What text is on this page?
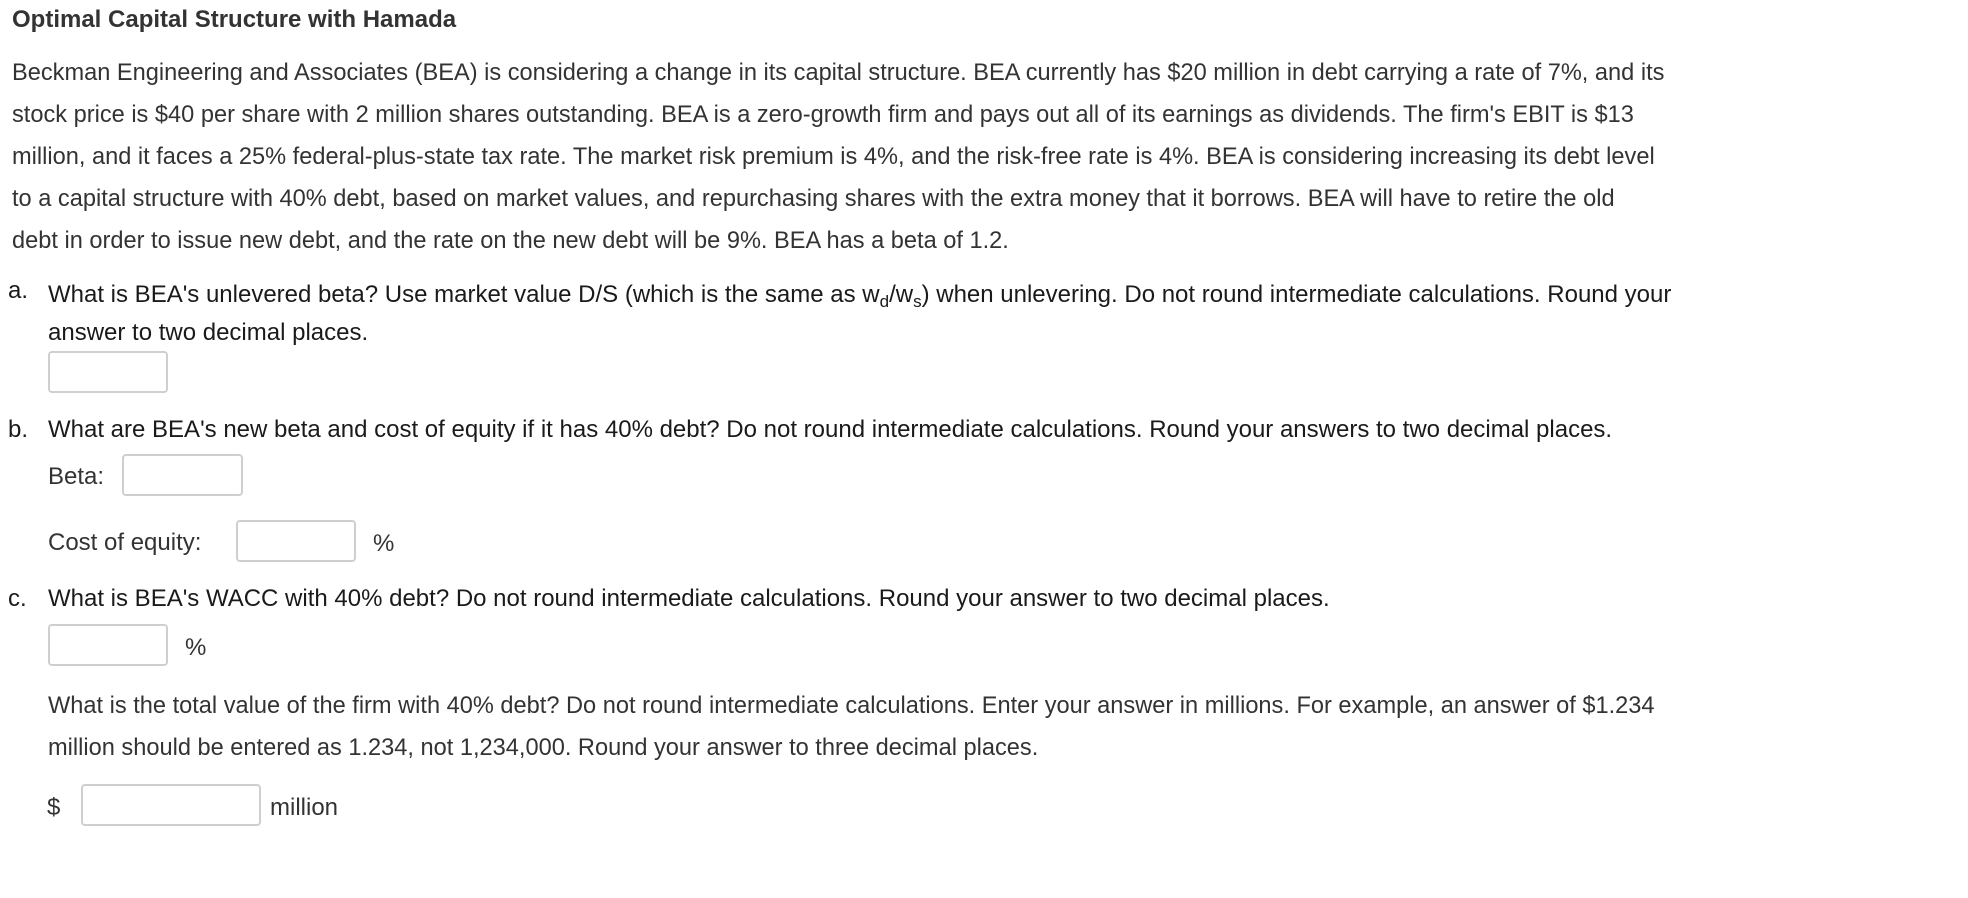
Optimal Capital Structure with Hamada
Beckman Engineering and Associates (BEA) is considering a change in its capital structure. BEA currently has $20 million in debt carrying a rate of 7%, and its
stock price is $40 per share with 2 million shares outstanding. BEA is a zero-growth firm and pays out all of its earnings as dividends. The firm's EBIT is $13
million, and it faces a 25% federal-plus-state tax rate. The market risk premium is 4%, and the risk-free rate is 4%. BEA is considering increasing its debt level
to a capital structure with 40% debt, based on market values, and repurchasing shares with the extra money that it borrows. BEA will have to retire the old
debt in order to issue new debt, and the rate on the new debt will be 9%. BEA has a beta of 1.2.
a. What is BEA's unlevered beta? Use market value D/S (which is the same as $w_d/w_s$) when unlevering. Do not round intermediate calculations. Round your
answer to two decimal places.
b. What are BEA's new beta and cost of equity if it has 40% debt? Do not round intermediate calculations. Round your answers to two decimal places.
Beta:
Cost of equity:	%
c. What is BEA's WACC with 40% debt? Do not round intermediate calculations. Round your answer to two decimal places.
%
What is the total value of the firm with 40% debt? Do not round intermediate calculations. Enter your answer in millions. For example, an answer of $1.234
million should be entered as 1.234, not 1,234,000. Round your answer to three decimal places.
$	million
